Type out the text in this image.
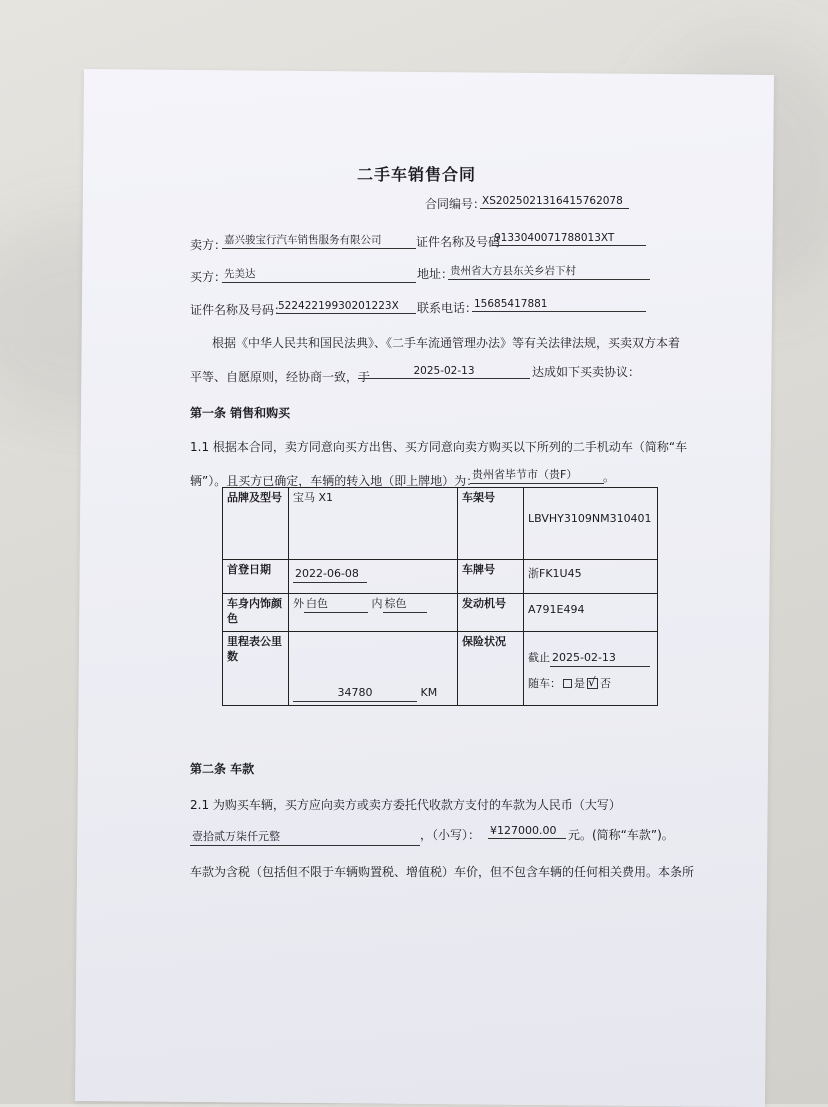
二手车销售合同
合同编号：
XS2025021316415762078
卖方：
嘉兴骏宝行汽车销售服务有限公司	证件名称及号码
9133040071788013XT
买方：
先美达	地址：
贵州省大方县东关乡岩下村
证件名称及号码：
52242219930201223X	联系电话：
15685417881
根据《中华人民共和国民法典》、《二手车流通管理办法》等有关法律法规，买卖双方本着
平等、自愿原则，经协商一致，于	2025-02-13	达成如下买卖协议：
第一条 销售和购买
1.1 根据本合同，卖方同意向买方出售、买方同意向卖方购买以下所列的二手机动车（简称“车
辆”）。且买方已确定，车辆的转入地（即上牌地）为：
贵州省毕节市（贵F）	。
品牌及型号	宝马 X1	车架号	LBVHY3109NM310401
首登日期	2022-06-08	车牌号	浙FK1U45
车身内饰颜色	外 白色 内 棕色	发动机号	A791E494
里程表公里数	34780 KM	保险状况	截止 2025-02-13
随车： 是 √ 否
第二条 车款
2.1 为购买车辆，买方应向卖方或卖方委托代收款方支付的车款为人民币（大写）
壹拾贰万柒仟元整	，（小写）： ¥127000.00 元。(简称“车款”)。
车款为含税（包括但不限于车辆购置税、增值税）车价，但不包含车辆的任何相关费用。本条所
